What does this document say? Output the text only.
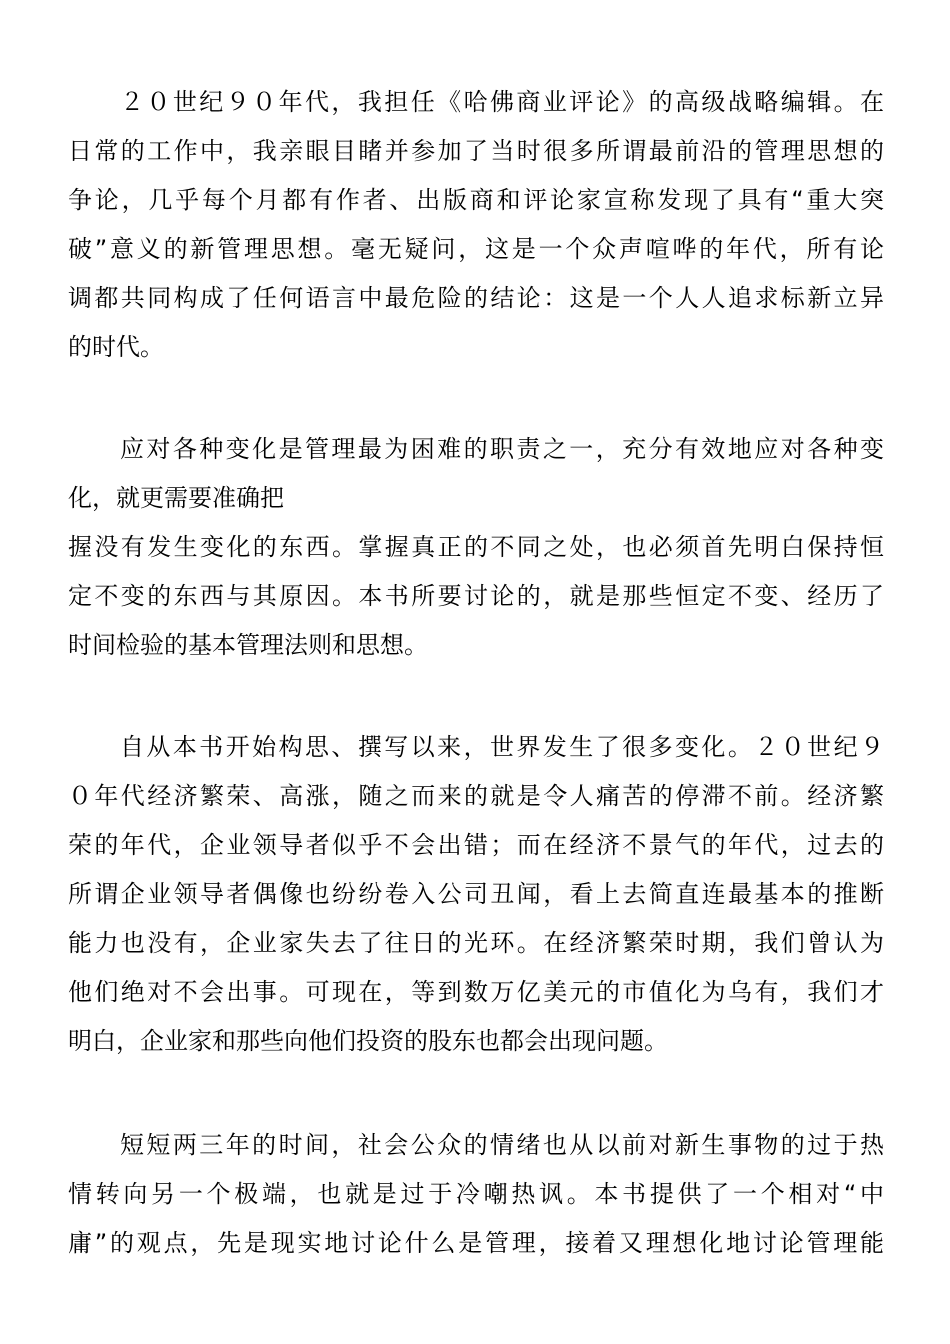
２０世纪９０年代，我担任《哈佛商业评论》的高级战略编辑。在
日常的工作中，我亲眼目睹并参加了当时很多所谓最前沿的管理思想的
争论，几乎每个月都有作者、出版商和评论家宣称发现了具有“重大突
破”意义的新管理思想。毫无疑问，这是一个众声喧哗的年代，所有论
调都共同构成了任何语言中最危险的结论：这是一个人人追求标新立异
的时代。
应对各种变化是管理最为困难的职责之一，充分有效地应对各种变
化，就更需要准确把
握没有发生变化的东西。掌握真正的不同之处，也必须首先明白保持恒
定不变的东西与其原因。本书所要讨论的，就是那些恒定不变、经历了
时间检验的基本管理法则和思想。
自从本书开始构思、撰写以来，世界发生了很多变化。２０世纪９
０年代经济繁荣、高涨，随之而来的就是令人痛苦的停滞不前。经济繁
荣的年代，企业领导者似乎不会出错；而在经济不景气的年代，过去的
所谓企业领导者偶像也纷纷卷入公司丑闻，看上去简直连最基本的推断
能力也没有，企业家失去了往日的光环。在经济繁荣时期，我们曾认为
他们绝对不会出事。可现在，等到数万亿美元的市值化为乌有，我们才
明白，企业家和那些向他们投资的股东也都会出现问题。
短短两三年的时间，社会公众的情绪也从以前对新生事物的过于热
情转向另一个极端，也就是过于冷嘲热讽。本书提供了一个相对“中
庸”的观点，先是现实地讨论什么是管理，接着又理想化地讨论管理能
